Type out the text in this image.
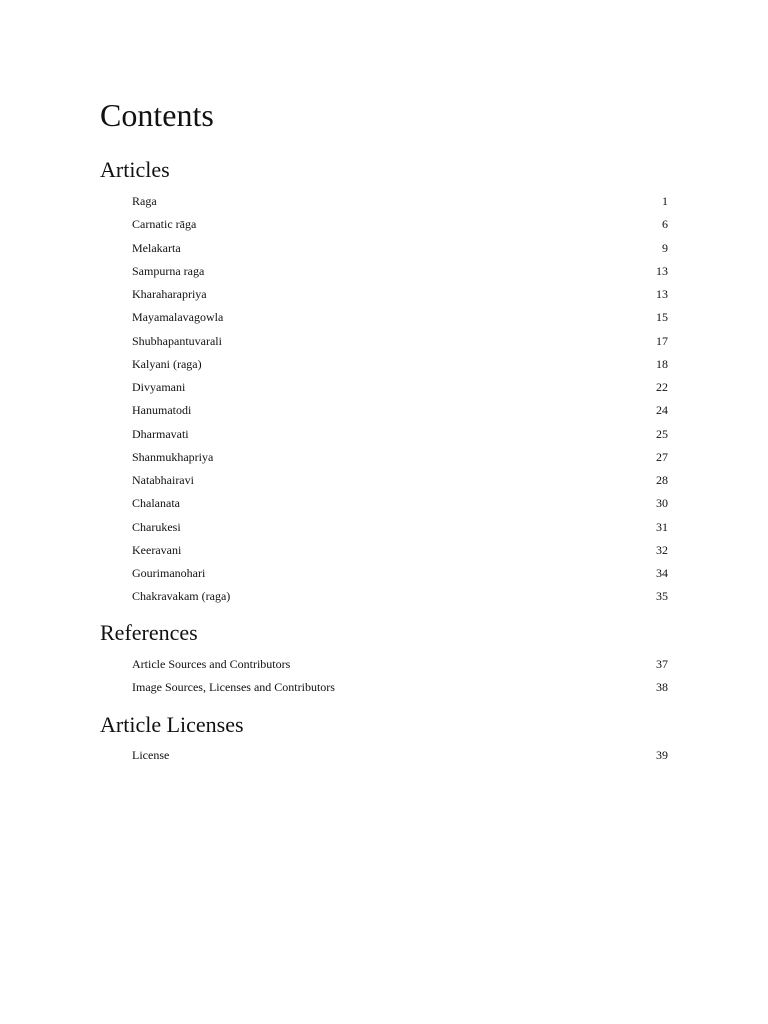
Contents
Articles
Raga	1
Carnatic rāga	6
Melakarta	9
Sampurna raga	13
Kharaharapriya	13
Mayamalavagowla	15
Shubhapantuvarali	17
Kalyani (raga)	18
Divyamani	22
Hanumatodi	24
Dharmavati	25
Shanmukhapriya	27
Natabhairavi	28
Chalanata	30
Charukesi	31
Keeravani	32
Gourimanohari	34
Chakravakam (raga)	35
References
Article Sources and Contributors	37
Image Sources, Licenses and Contributors	38
Article Licenses
License	39
